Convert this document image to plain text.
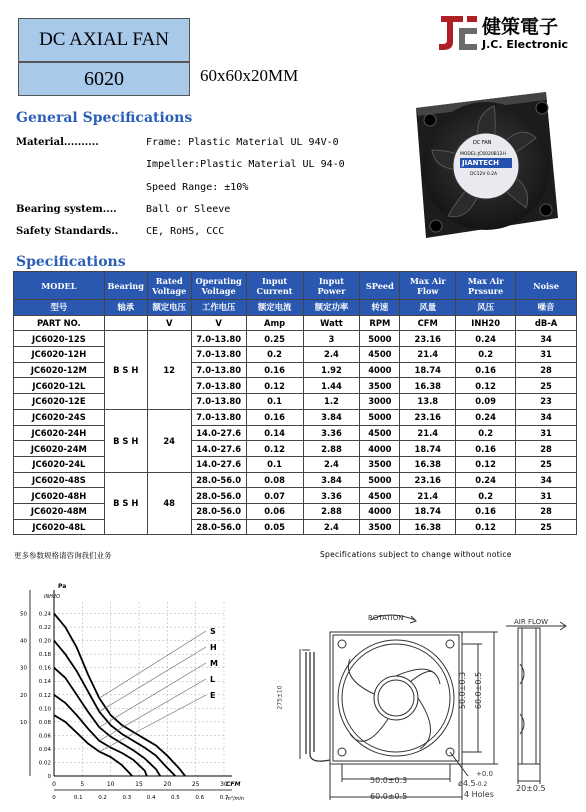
DC AXIAL FAN
6020	60x60x20MM
健策電子
J.C. Electronic
General Specifications
Material..........	Frame: Plastic Material UL 94V-0
Impeller:Plastic Material UL 94-0
Speed Range: ±10%
Bearing system....	Ball or Sleeve
Safety Standards..	CE, RoHS, CCC
DC FAN
MODEL:JC6020B12H
JIANTECH
DC12V 0.2A
Specifications
MODEL	Bearing	Rated Voltage	Operating Voltage	Input Current	Input Power	SPeed	Max Air Flow	Max Air Prssure	Noise
型号	轴承	额定电压	工作电压	额定电流	额定功率	转速	风量	风压	噪音
PART NO.		V	V	Amp	Watt	RPM	CFM	INH20	dB-A
JC6020-12S	B S H	12	7.0-13.80	0.25	3	5000	23.16	0.24	34
JC6020-12H			7.0-13.80	0.2	2.4	4500	21.4	0.2	31
JC6020-12M			7.0-13.80	0.16	1.92	4000	18.74	0.16	28
JC6020-12L			7.0-13.80	0.12	1.44	3500	16.38	0.12	25
JC6020-12E			7.0-13.80	0.1	1.2	3000	13.8	0.09	23
JC6020-24S	B S H	24	7.0-13.80	0.16	3.84	5000	23.16	0.24	34
JC6020-24H			14.0-27.6	0.14	3.36	4500	21.4	0.2	31
JC6020-24M			14.0-27.6	0.12	2.88	4000	18.74	0.16	28
JC6020-24L			14.0-27.6	0.1	2.4	3500	16.38	0.12	25
JC6020-48S	B S H	48	28.0-56.0	0.08	3.84	5000	23.16	0.24	34
JC6020-48H			28.0-56.0	0.07	3.36	4500	21.4	0.2	31
JC6020-48M			28.0-56.0	0.06	2.88	4000	18.74	0.16	28
JC6020-48L			28.0-56.0	0.05	2.4	3500	16.38	0.12	25
更多参数规格请咨询我们业务	Specifications subject to change without notice
0.24
0.22
0.20
0.18
0.16
0.14
0.12
0.10
0.08
0.06
0.04
0.02
0
50
40
30
20
10
0	5	10	15	20	25	30
0	0.1	0.2	0.3	0.4	0.5	0.6	0.7
Pa
INH2O
CFM
m³/min
S
H
M
L
E
ROTATION	AIR FLOW
275±10
50.0±0.3
60.0±0.5
50.0±0.3 60.0±0.5
+0.0
ø4.5-0.2
4 Holes
20±0.5
